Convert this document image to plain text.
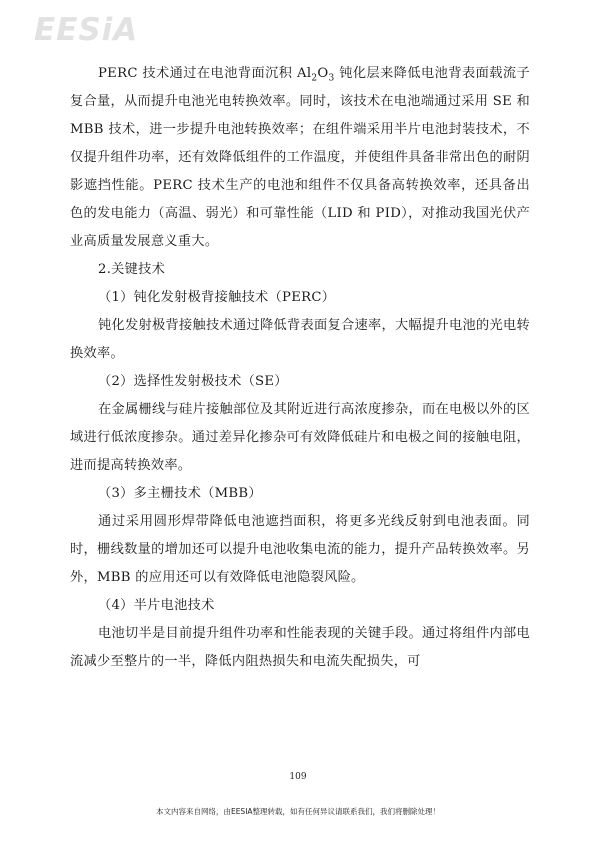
EESiA

PERC 技术通过在电池背面沉积 $Al_2O_3$ 钝化层来降低电池背表面载流子复合量，从而提升电池光电转换效率。同时，该技术在电池端通过采用 SE 和 MBB 技术，进一步提升电池转换效率；在组件端采用半片电池封装技术，不仅提升组件功率，还有效降低组件的工作温度，并使组件具备非常出色的耐阴影遮挡性能。PERC 技术生产的电池和组件不仅具备高转换效率，还具备出色的发电能力（高温、弱光）和可靠性能（LID 和 PID），对推动我国光伏产业高质量发展意义重大。

2.关键技术

（1）钝化发射极背接触技术（PERC）

钝化发射极背接触技术通过降低背表面复合速率，大幅提升电池的光电转换效率。

（2）选择性发射极技术（SE）

在金属栅线与硅片接触部位及其附近进行高浓度掺杂，而在电极以外的区域进行低浓度掺杂。通过差异化掺杂可有效降低硅片和电极之间的接触电阻，进而提高转换效率。

（3）多主栅技术（MBB）

通过采用圆形焊带降低电池遮挡面积，将更多光线反射到电池表面。同时，栅线数量的增加还可以提升电池收集电流的能力，提升产品转换效率。另外，MBB 的应用还可以有效降低电池隐裂风险。

（4）半片电池技术

电池切半是目前提升组件功率和性能表现的关键手段。通过将组件内部电流减少至整片的一半，降低内阻热损失和电流失配损失，可

109
本文内容来自网络，由EESIA整理转载，如有任何异议请联系我们，我们将删除处理！
